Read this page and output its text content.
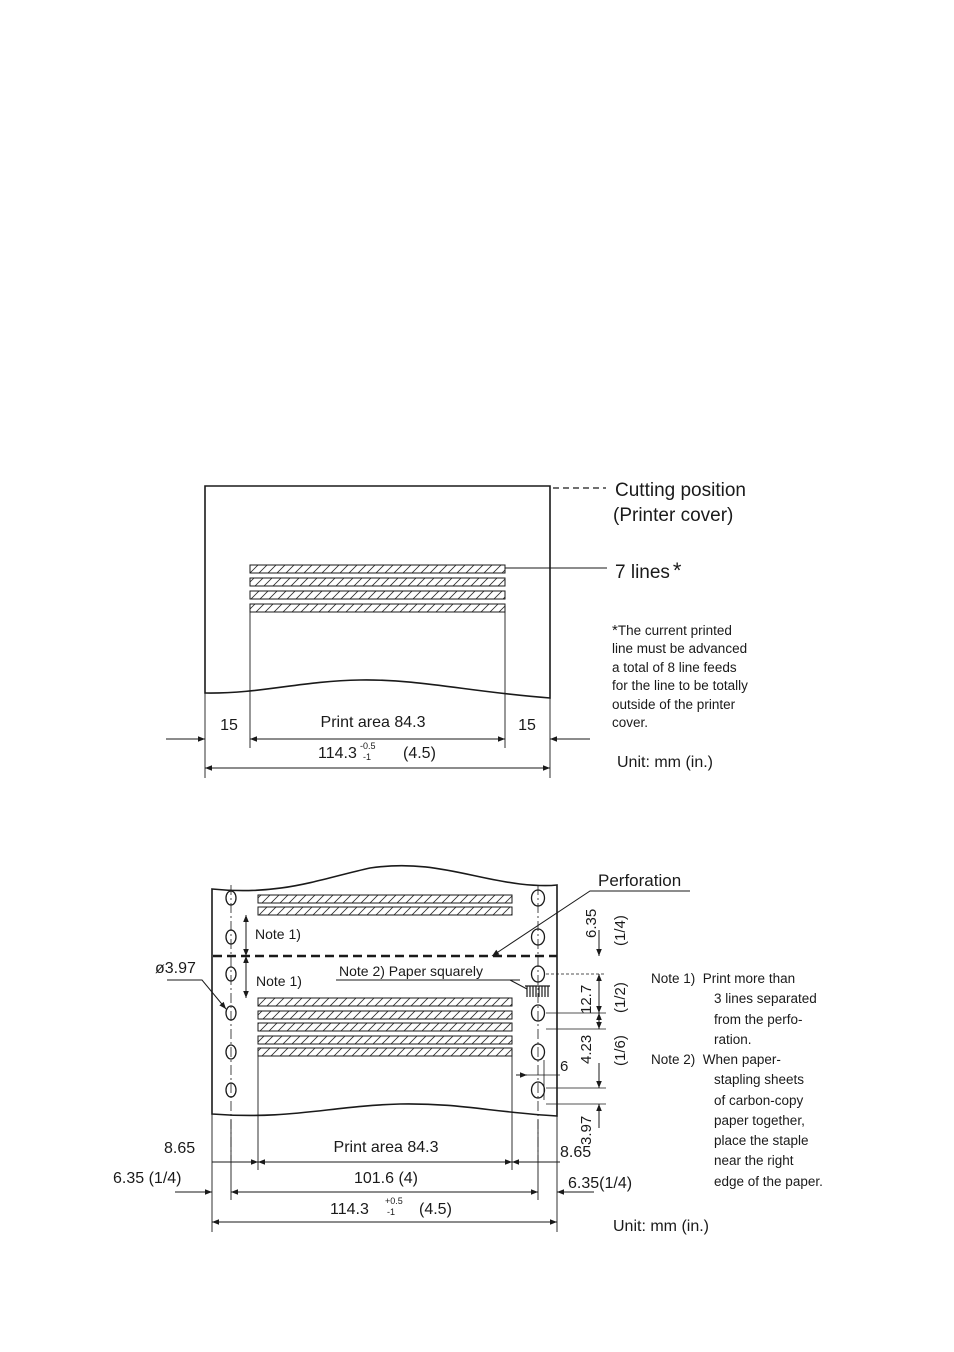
Cutting position
(Printer cover)
7 lines *
15	Print area 84.3	15
114.3 -0.5
-1 (4.5)
Unit: mm (in.)
Perforation
ø3.97
Note 1)
Note 1)
Note 2) Paper squarely
6.35 (1/4)
12.7 (1/2)
4.23 (1/6)
6
3.97
8.65	8.65
Print area 84.3
6.35 (1/4)	101.6 (4)	6.35(1/4)
114.3 +0.5
-1 (4.5)
Unit: mm (in.)
*The current printed
line must be advanced
a total of 8 line feeds
for the line to be totally
outside of the printer
cover.
Note 1) Print more than
3 lines separated
from the perfo-
ration.
Note 2) When paper-
stapling sheets
of carbon-copy
paper together,
place the staple
near the right
edge of the paper.
